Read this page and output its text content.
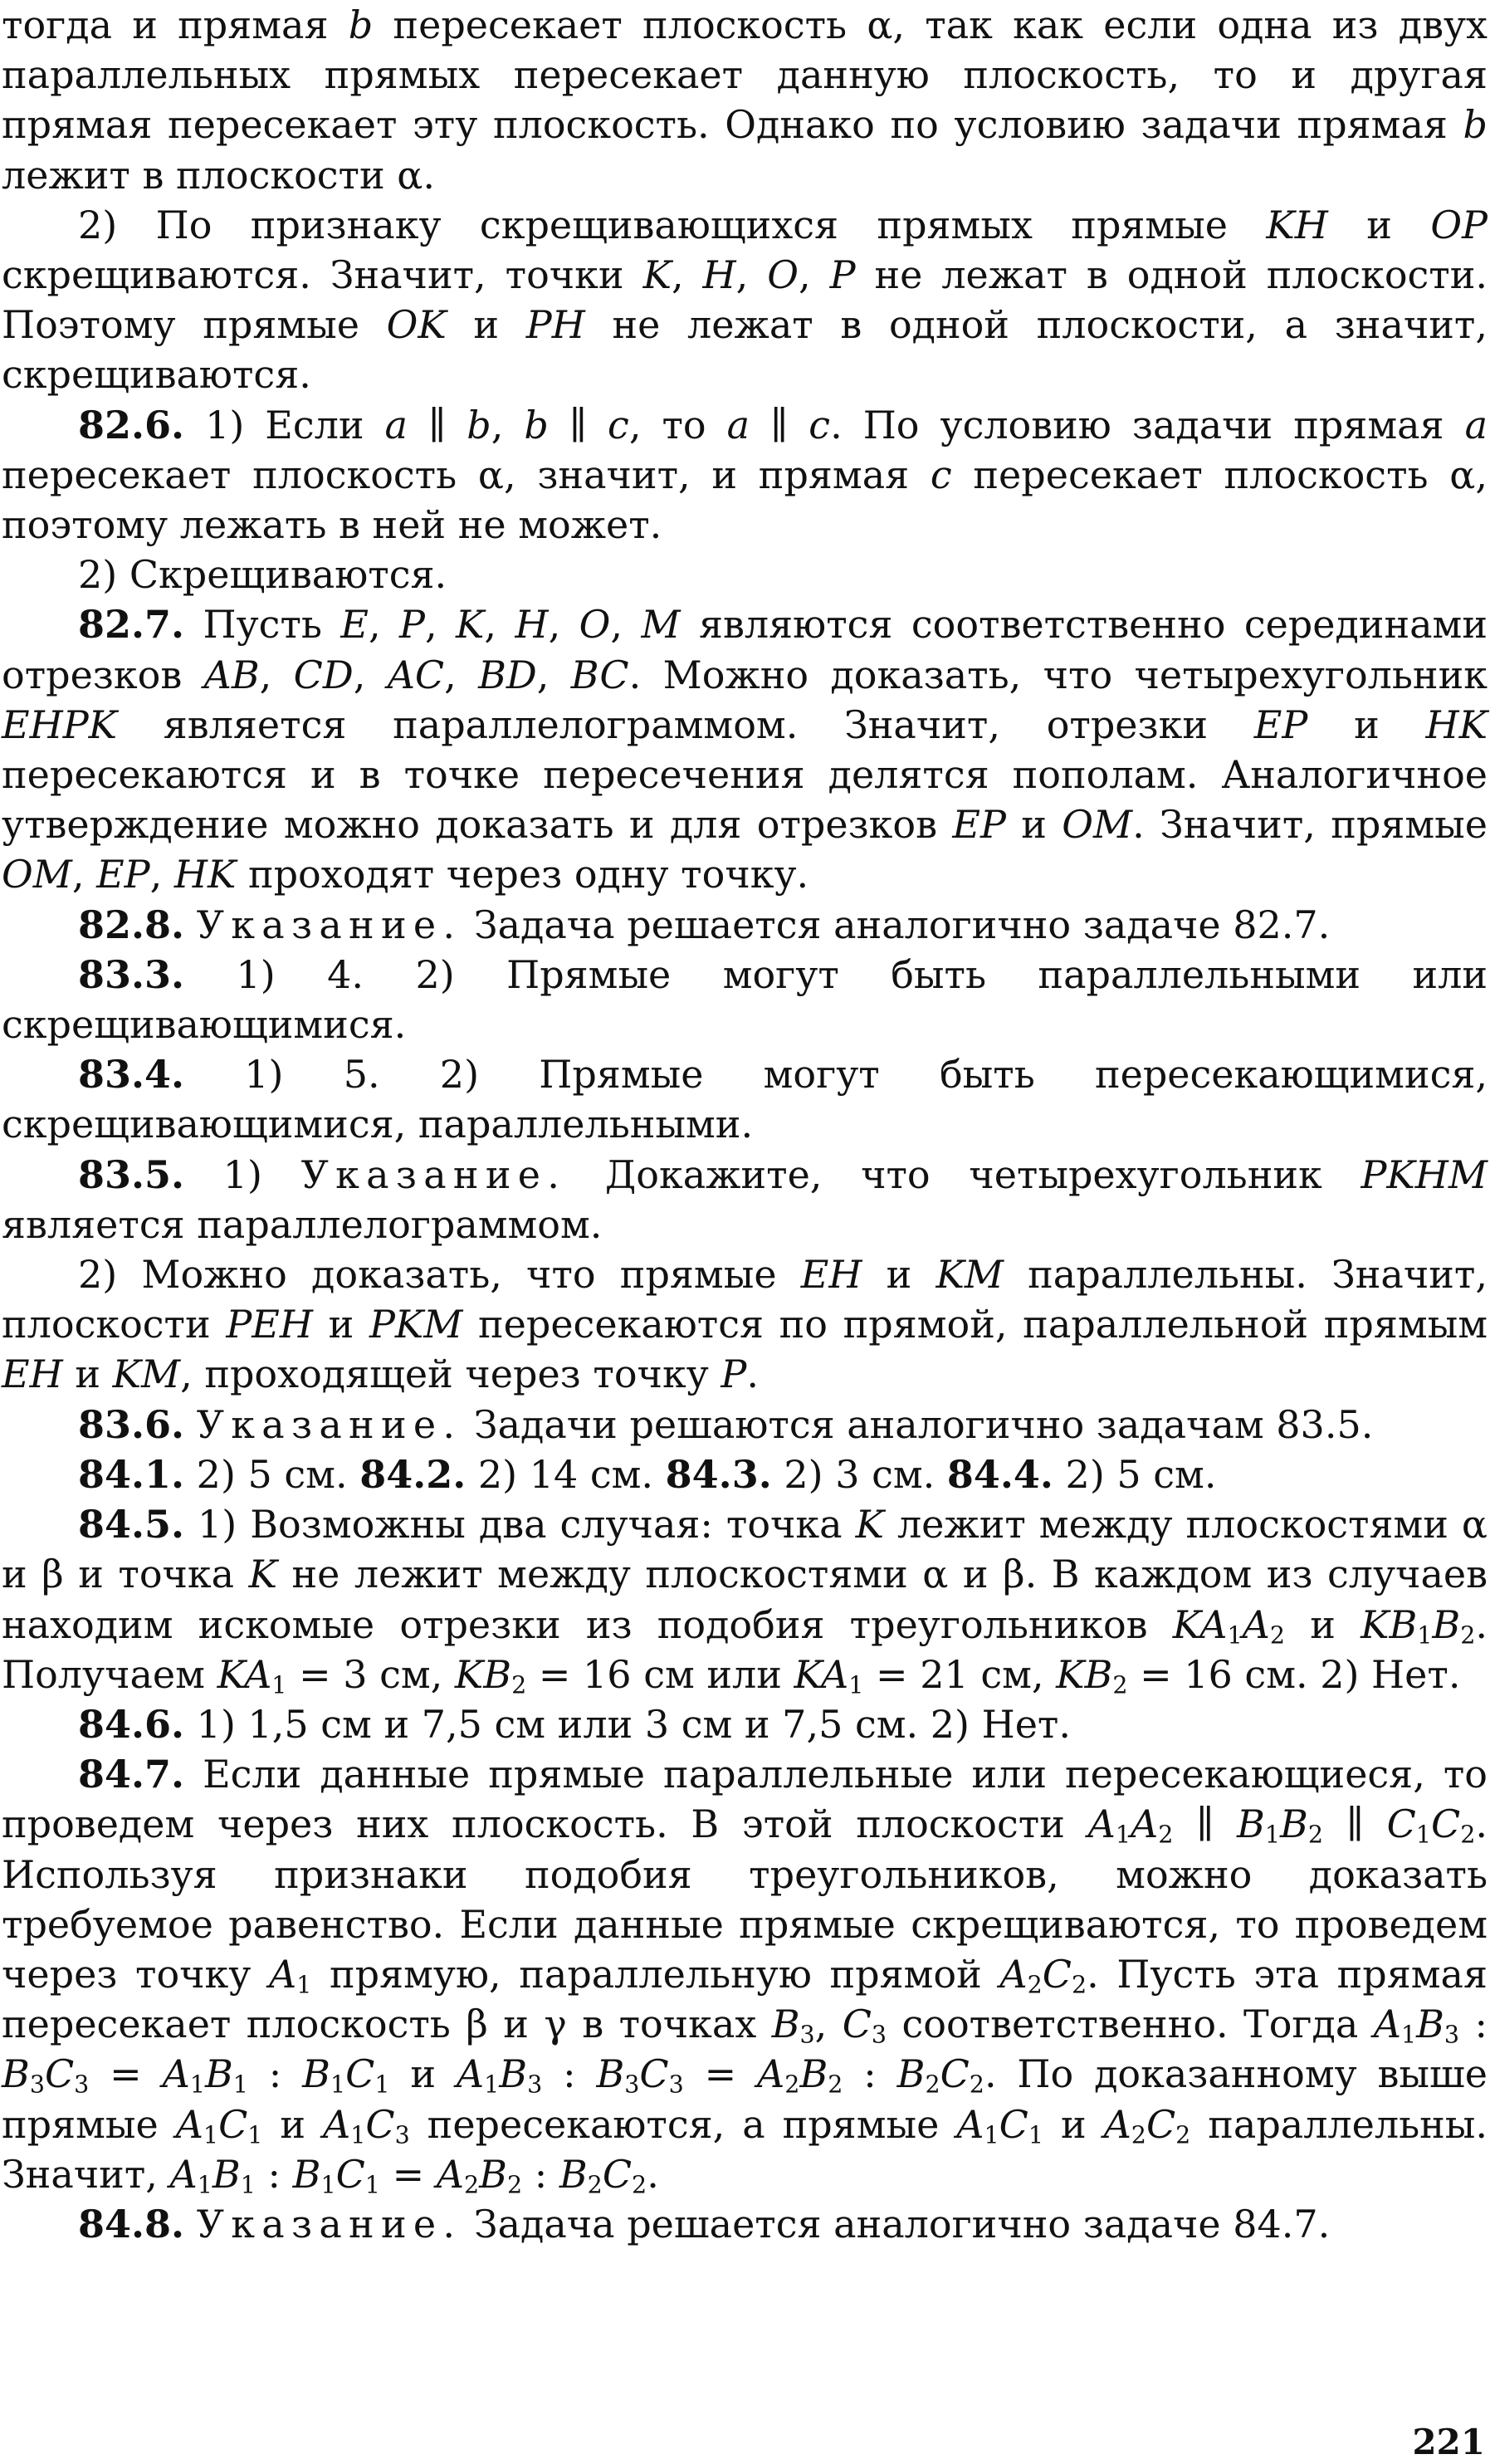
тогда и прямая b пересекает плоскость α, так как если одна из двух параллельных прямых пересекает данную плоскость, то и другая прямая пересекает эту плоскость. Однако по условию задачи прямая b лежит в плоскости α.

2) По признаку скрещивающихся прямых прямые KH и OP скрещиваются. Значит, точки K, H, O, P не лежат в одной плоскости. Поэтому прямые OK и PH не лежат в одной плоскости, а значит, скрещиваются.

82.6. 1) Если a ∥ b, b ∥ c, то a ∥ c. По условию задачи прямая a пересекает плоскость α, значит, и прямая c пересекает плоскость α, поэтому лежать в ней не может.

2) Скрещиваются.

82.7. Пусть E, P, K, H, O, M являются соответственно серединами отрезков AB, CD, AC, BD, BC. Можно доказать, что четырехугольник EHPK является параллелограммом. Значит, отрезки EP и HK пересекаются и в точке пересечения делятся пополам. Аналогичное утверждение можно доказать и для отрезков EP и OM. Значит, прямые OM, EP, HK проходят через одну точку.

82.8. Указание. Задача решается аналогично задаче 82.7.

83.3. 1) 4. 2) Прямые могут быть параллельными или скрещивающимися.

83.4. 1) 5. 2) Прямые могут быть пересекающимися, скрещивающимися, параллельными.

83.5. 1) Указание. Докажите, что четырехугольник PKHM является параллелограммом.

2) Можно доказать, что прямые EH и KM параллельны. Значит, плоскости PEH и PKM пересекаются по прямой, параллельной прямым EH и KM, проходящей через точку P.

83.6. Указание. Задачи решаются аналогично задачам 83.5.

84.1. 2) 5 см. 84.2. 2) 14 см. 84.3. 2) 3 см. 84.4. 2) 5 см.

84.5. 1) Возможны два случая: точка K лежит между плоскостями α и β и точка K не лежит между плоскостями α и β. В каждом из случаев находим искомые отрезки из подобия треугольников $KA_1A_2$ и $KB_1B_2$. Получаем $KA_1 = 3$ см, $KB_2 = 16$ см или $KA_1 = 21$ см, $KB_2 = 16$ см. 2) Нет.

84.6. 1) 1,5 см и 7,5 см или 3 см и 7,5 см. 2) Нет.

84.7. Если данные прямые параллельные или пересекающиеся, то проведем через них плоскость. В этой плоскости $A_1A_2$ ∥ $B_1B_2$ ∥ $C_1C_2$. Используя признаки подобия треугольников, можно доказать требуемое равенство. Если данные прямые скрещиваются, то проведем через точку $A_1$ прямую, параллельную прямой $A_2C_2$. Пусть эта прямая пересекает плоскость β и γ в точках $B_3$, $C_3$ соответственно. Тогда $A_1B_3$ : $B_3C_3 = A_1B_1$ : $B_1C_1$ и $A_1B_3$ : $B_3C_3 = A_2B_2$ : $B_2C_2$. По доказанному выше прямые $A_1C_1$ и $A_1C_3$ пересекаются, а прямые $A_1C_1$ и $A_2C_2$ параллельны. Значит, $A_1B_1$ : $B_1C_1 = A_2B_2$ : $B_2C_2$.

84.8. Указание. Задача решается аналогично задаче 84.7.

221
